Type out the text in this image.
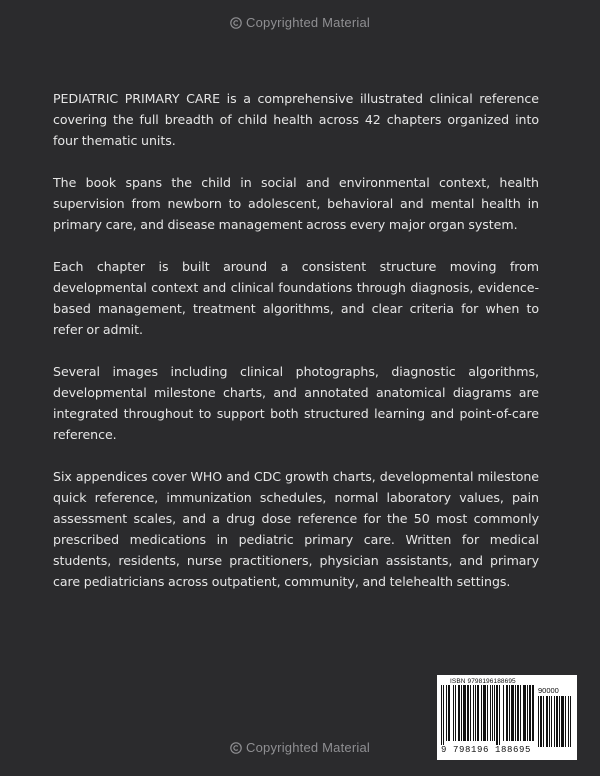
Copyrighted Material

PEDIATRIC PRIMARY CARE is a comprehensive illustrated clinical reference covering the full breadth of child health across 42 chapters organized into four thematic units.

The book spans the child in social and environmental context, health supervision from newborn to adolescent, behavioral and mental health in primary care, and disease management across every major organ system.

Each chapter is built around a consistent structure moving from developmental context and clinical foundations through diagnosis, evidence-based management, treatment algorithms, and clear criteria for when to refer or admit.

Several images including clinical photographs, diagnostic algorithms, developmental milestone charts, and annotated anatomical diagrams are integrated throughout to support both structured learning and point-of-care reference.

Six appendices cover WHO and CDC growth charts, developmental milestone quick reference, immunization schedules, normal laboratory values, pain assessment scales, and a drug dose reference for the 50 most commonly prescribed medications in pediatric primary care. Written for medical students, residents, nurse practitioners, physician assistants, and primary care pediatricians across outpatient, community, and telehealth settings.

ISBN 9798196188695
90000
9 798196 188695
Copyrighted Material
